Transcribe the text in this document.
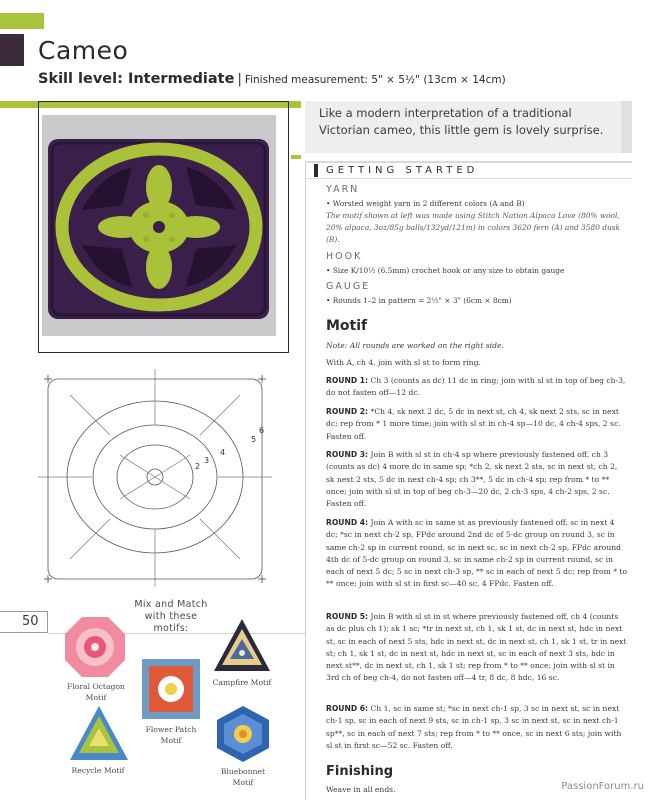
Cameo
Skill level: Intermediate | Finished measurement: 5" × 5½" (13cm × 14cm)
Like a modern interpretation of a traditional Victorian cameo, this little gem is lovely surprise.
GETTING STARTED
YARN
• Worsted weight yarn in 2 different colors (A and B)
The motif shown at left was made using Stitch Nation Alpaca Love (80% wool, 20% alpaca, 3oz/85g balls/132yd/121m) in colors 3620 fern (A) and 3580 dusk (B).
HOOK
• Size K/10½ (6.5mm) crochet hook or any size to obtain gauge
GAUGE
• Rounds 1–2 in pattern = 2½" × 3" (6cm × 8cm)
Motif
Note: All rounds are worked on the right side.
With A, ch 4, join with sl st to form ring.
ROUND 1: Ch 3 (counts as dc) 11 dc in ring; join with sl st in top of beg ch-3, do not fasten off—12 dc.
ROUND 2: *Ch 4, sk next 2 dc, 5 dc in next st, ch 4, sk next 2 sts, sc in next dc; rep from * 1 more time; join with sl st in ch-4 sp—10 dc, 4 ch-4 sps, 2 sc. Fasten off.
ROUND 3: Join B with sl st in ch-4 sp where previously fastened off, ch 3 (counts as dc) 4 more dc in same sp; *ch 2, sk next 2 sts, sc in next st, ch 2, sk next 2 sts, 5 dc in next ch-4 sp; ch 3**, 5 dc in ch-4 sp; rep from * to ** once; join with sl st in top of beg ch-3—20 dc, 2 ch-3 sps, 4 ch-2 sps, 2 sc. Fasten off.
ROUND 4: Join A with sc in same st as previously fastened off, sc in next 4 dc; *sc in next ch-2 sp, FPdc around 2nd dc of 5-dc group on round 3, sc in same ch-2 sp in current round, sc in next sc, sc in next ch-2 sp, FPdc around 4th dc of 5-dc group on round 3, sc in same ch-2 sp in current round, sc in each of next 5 dc; 5 sc in next ch-3 sp, ** sc in each of next 5 dc; rep from * to ** once; join with sl st in first sc—40 sc, 4 FPdc. Fasten off.
ROUND 5: Join B with sl st in st where previously fastened off, ch 4 (counts as dc plus ch 1); sk 1 sc; *tr in next st, ch 1, sk 1 st, dc in next st, hdc in next st, sc in each of next 5 sts, hdc in next st, dc in next st, ch 1, sk 1 st, tr in next st; ch 1, sk 1 st, dc in next st, hdc in next st, sc in each of next 3 sts, hdc in next st**, dc in next st, ch 1, sk 1 st; rep from * to ** once; join with sl st in 3rd ch of beg ch-4, do not fasten off—4 tr, 8 dc, 8 hdc, 16 sc.
ROUND 6: Ch 1, sc in same st; *sc in next ch-1 sp, 3 sc in next st, sc in next ch-1 sp, sc in each of next 9 sts, sc in ch-1 sp, 3 sc in next st, sc in next ch-1 sp**, sc in each of next 7 sts; rep from * to ** once, sc in next 6 sts; join with sl st in first sc—52 sc. Fasten off.
Finishing
Weave in all ends.
6
5
4
3
2
50
Mix and Match with these motifs:
Floral Octagon Motif
Flower Patch Motif
Campfire Motif
Recycle Motif	Bluebonnet Motif	PassionForum.ru
